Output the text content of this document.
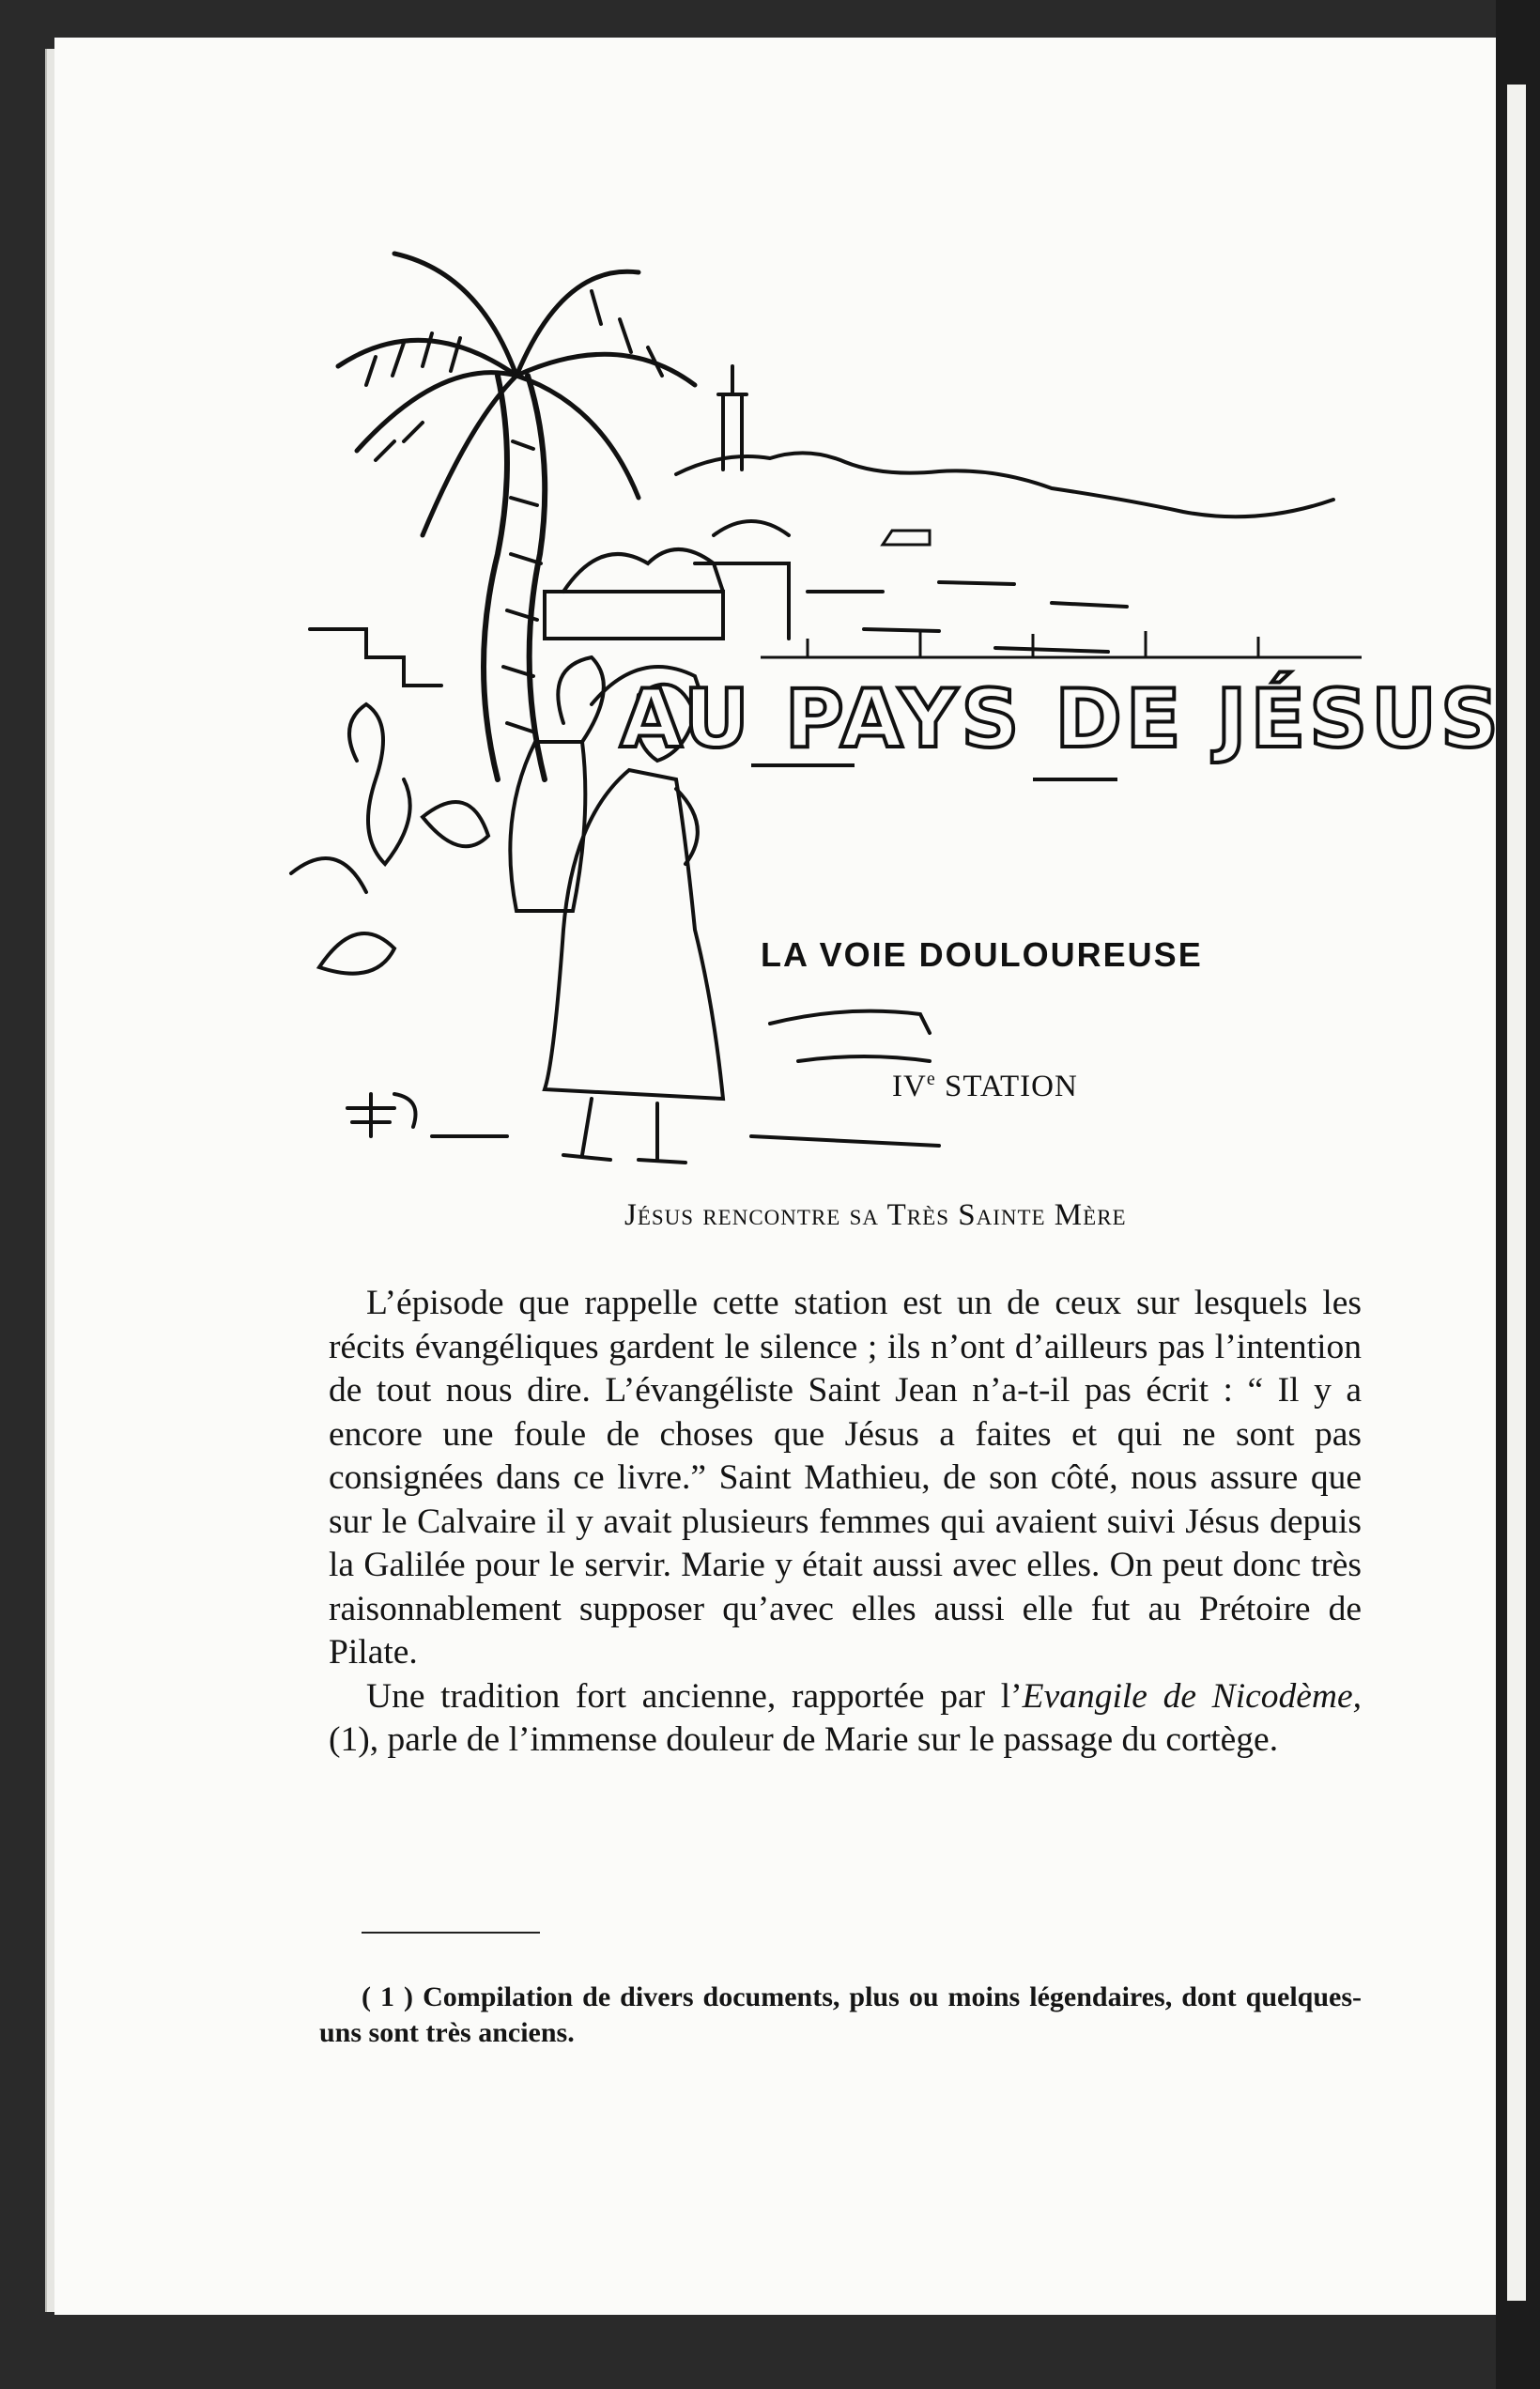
AU PAYS DE JÉSUS
LA VOIE DOULOUREUSE
IVe STATION
Jésus rencontre sa Très Sainte Mère

L’épisode que rappelle cette station est un de ceux sur lesquels les récits évangéliques gardent le silence ; ils n’ont d’ailleurs pas l’intention de tout nous dire. L’évangéliste Saint Jean n’a-t-il pas écrit : “ Il y a encore une foule de choses que Jésus a faites et qui ne sont pas consignées dans ce livre.” Saint Mathieu, de son côté, nous assure que sur le Calvaire il y avait plusieurs femmes qui avaient suivi Jésus depuis la Galilée pour le servir. Marie y était aussi avec elles. On peut donc très raisonnablement supposer qu’avec elles aussi elle fut au Prétoire de Pilate.

Une tradition fort ancienne, rapportée par l’Evangile de Nicodème, (1), parle de l’immense douleur de Marie sur le passage du cortège.

( 1 ) Compilation de divers documents, plus ou moins légendaires, dont quelques-uns sont très anciens.
